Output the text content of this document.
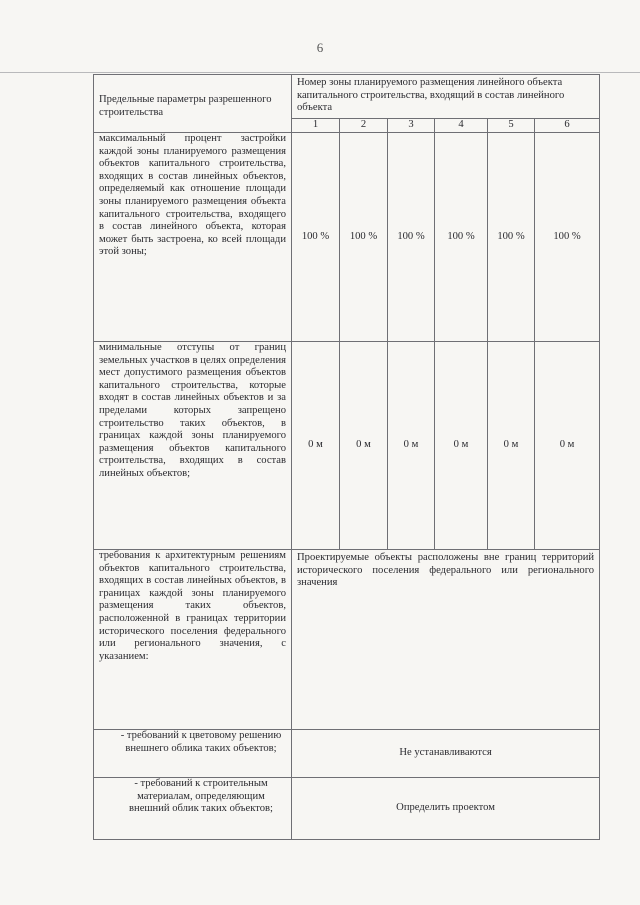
6
Предельные параметры разрешенного строительства	Номер зоны планируемого размещения линейного объекта капитального строительства, входящий в состав линейного объекта					
	1	2	3	4	5	6
максимальный процент застройки каждой зоны планируемого размещения объектов капитального строительства, входящих в состав линейных объектов, определяемый как отношение площади зоны планируемого размещения объекта капитального строительства, входящего в состав линейного объекта, которая может быть застроена, ко всей площади этой зоны;	100 %	100 %	100 %	100 %	100 %	100 %
минимальные отступы от границ земельных участков в целях определения мест допустимого размещения объектов капитального строительства, которые входят в состав линейных объектов и за пределами которых запрещено строительство таких объектов, в границах каждой зоны планируемого размещения объектов капитального строительства, входящих в состав линейных объектов;	0 м	0 м	0 м	0 м	0 м	0 м
требования к архитектурным решениям объектов капитального строительства, входящих в состав линейных объектов, в границах каждой зоны планируемого размещения таких объектов, расположенной в границах территории исторического поселения федерального или регионального значения, с указанием:	Проектируемые объекты расположены вне границ территорий исторического поселения федерального или регионального значения					
- требований к цветовому решению внешнего облика таких объектов;	Не устанавливаются					
- требований к строительным материалам, определяющим внешний облик таких объектов;	Определить проектом					
